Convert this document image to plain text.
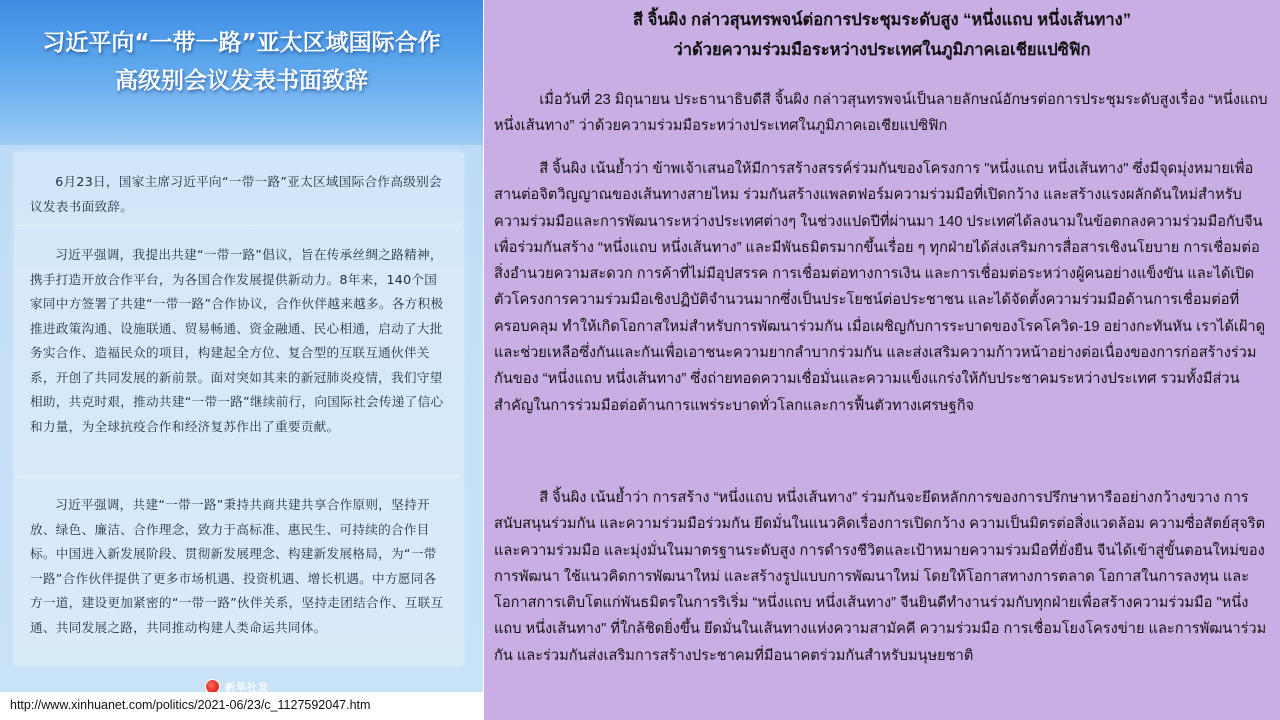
习近平向“一带一路”亚太区域国际合作
高级别会议发表书面致辞
6月23日，国家主席习近平向“一带一路”亚太区域国际合作高级别会议发表书面致辞。
习近平强调，我提出共建“一带一路”倡议，旨在传承丝绸之路精神，携手打造开放合作平台，为各国合作发展提供新动力。8年来，140个国家同中方签署了共建“一带一路”合作协议，合作伙伴越来越多。各方积极推进政策沟通、设施联通、贸易畅通、资金融通、民心相通，启动了大批务实合作、造福民众的项目，构建起全方位、复合型的互联互通伙伴关系，开创了共同发展的新前景。面对突如其来的新冠肺炎疫情，我们守望相助，共克时艰，推动共建“一带一路”继续前行，向国际社会传递了信心和力量，为全球抗疫合作和经济复苏作出了重要贡献。
习近平强调，共建“一带一路”秉持共商共建共享合作原则，坚持开放、绿色、廉洁、合作理念，致力于高标准、惠民生、可持续的合作目标。中国进入新发展阶段、贯彻新发展理念、构建新发展格局，为“一带一路”合作伙伴提供了更多市场机遇、投资机遇、增长机遇。中方愿同各方一道，建设更加紧密的“一带一路”伙伴关系，坚持走团结合作、互联互通、共同发展之路，共同推动构建人类命运共同体。
新华社发
http://www.xinhuanet.com/politics/2021-06/23/c_1127592047.htm
สี จิ้นผิง กล่าวสุนทรพจน์ต่อการประชุมระดับสูง “หนึ่งแถบ หนึ่งเส้นทาง”
ว่าด้วยความร่วมมือระหว่างประเทศในภูมิภาคเอเชียแปซิฟิก
เมื่อวันที่ 23 มิถุนายน ประธานาธิบดีสี จิ้นผิง กล่าวสุนทรพจน์เป็นลายลักษณ์อักษรต่อการประชุมระดับสูงเรื่อง “หนึ่งแถบ หนึ่งเส้นทาง” ว่าด้วยความร่วมมือระหว่างประเทศในภูมิภาคเอเชียแปซิฟิก
สี จิ้นผิง เน้นย้ำว่า ข้าพเจ้าเสนอให้มีการสร้างสรรค์ร่วมกันของโครงการ "หนึ่งแถบ หนึ่งเส้นทาง" ซึ่งมีจุดมุ่งหมายเพื่อสานต่อจิตวิญญาณของเส้นทางสายไหม ร่วมกันสร้างแพลตฟอร์มความร่วมมือที่เปิดกว้าง และสร้างแรงผลักดันใหม่สำหรับความร่วมมือและการพัฒนาระหว่างประเทศต่างๆ ในช่วงแปดปีที่ผ่านมา 140 ประเทศได้ลงนามในข้อตกลงความร่วมมือกับจีนเพื่อร่วมกันสร้าง “หนึ่งแถบ หนึ่งเส้นทาง” และมีพันธมิตรมากขึ้นเรื่อย ๆ ทุกฝ่ายได้ส่งเสริมการสื่อสารเชิงนโยบาย การเชื่อมต่อสิ่งอำนวยความสะดวก การค้าที่ไม่มีอุปสรรค การเชื่อมต่อทางการเงิน และการเชื่อมต่อระหว่างผู้คนอย่างแข็งขัน และได้เปิดตัวโครงการความร่วมมือเชิงปฏิบัติจำนวนมากซึ่งเป็นประโยชน์ต่อประชาชน และได้จัดตั้งความร่วมมือด้านการเชื่อมต่อที่ครอบคลุม ทำให้เกิดโอกาสใหม่สำหรับการพัฒนาร่วมกัน เมื่อเผชิญกับการระบาดของโรคโควิด-19 อย่างกะทันหัน เราได้เฝ้าดูและช่วยเหลือซึ่งกันและกันเพื่อเอาชนะความยากลำบากร่วมกัน และส่งเสริมความก้าวหน้าอย่างต่อเนื่องของการก่อสร้างร่วมกันของ “หนึ่งแถบ หนึ่งเส้นทาง” ซึ่งถ่ายทอดความเชื่อมั่นและความแข็งแกร่งให้กับประชาคมระหว่างประเทศ รวมทั้งมีส่วนสำคัญในการร่วมมือต่อต้านการแพร่ระบาดทั่วโลกและการฟื้นตัวทางเศรษฐกิจ
สี จิ้นผิง เน้นย้ำว่า การสร้าง “หนึ่งแถบ หนึ่งเส้นทาง” ร่วมกันจะยึดหลักการของการปรึกษาหารืออย่างกว้างขวาง การสนับสนุนร่วมกัน และความร่วมมือร่วมกัน ยึดมั่นในแนวคิดเรื่องการเปิดกว้าง ความเป็นมิตรต่อสิ่งแวดล้อม ความซื่อสัตย์สุจริต และความร่วมมือ และมุ่งมั่นในมาตรฐานระดับสูง การดำรงชีวิตและเป้าหมายความร่วมมือที่ยั่งยืน จีนได้เข้าสู่ขั้นตอนใหม่ของการพัฒนา ใช้แนวคิดการพัฒนาใหม่ และสร้างรูปแบบการพัฒนาใหม่ โดยให้โอกาสทางการตลาด โอกาสในการลงทุน และโอกาสการเติบโตแก่พันธมิตรในการริเริ่ม “หนึ่งแถบ หนึ่งเส้นทาง” จีนยินดีทำงานร่วมกับทุกฝ่ายเพื่อสร้างความร่วมมือ "หนึ่งแถบ หนึ่งเส้นทาง" ที่ใกล้ชิดยิ่งขึ้น ยึดมั่นในเส้นทางแห่งความสามัคคี ความร่วมมือ การเชื่อมโยงโครงข่าย และการพัฒนาร่วมกัน และร่วมกันส่งเสริมการสร้างประชาคมที่มีอนาคตร่วมกันสำหรับมนุษยชาติ
